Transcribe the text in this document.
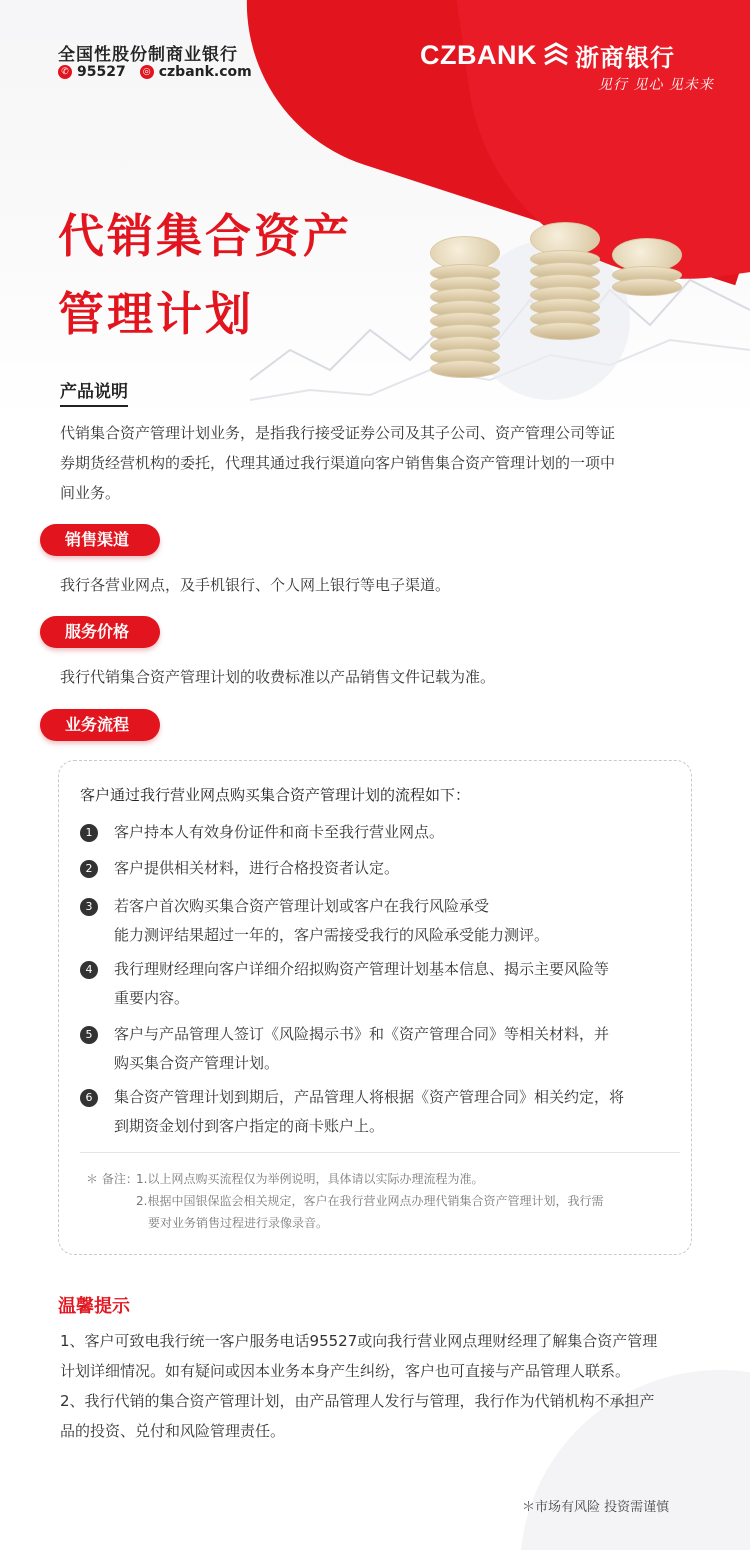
全国性股份制商业银行
✆ 95527	◎ czbank.com
CZBANK 浙商银行
见行 见心 见未来
代销集合资产
管理计划
产品说明
代销集合资产管理计划业务，是指我行接受证券公司及其子公司、资产管理公司等证
券期货经营机构的委托，代理其通过我行渠道向客户销售集合资产管理计划的一项中
间业务。
销售渠道
我行各营业网点，及手机银行、个人网上银行等电子渠道。
服务价格
我行代销集合资产管理计划的收费标准以产品销售文件记载为准。
业务流程
客户通过我行营业网点购买集合资产管理计划的流程如下：
1	客户持本人有效身份证件和商卡至我行营业网点。
2	客户提供相关材料，进行合格投资者认定。
3	若客户首次购买集合资产管理计划或客户在我行风险承受
能力测评结果超过一年的，客户需接受我行的风险承受能力测评。
4	我行理财经理向客户详细介绍拟购资产管理计划基本信息、揭示主要风险等
重要内容。
5	客户与产品管理人签订《风险揭示书》和《资产管理合同》等相关材料，并
购买集合资产管理计划。
6	集合资产管理计划到期后，产品管理人将根据《资产管理合同》相关约定，将
到期资金划付到客户指定的商卡账户上。
＊ 备注：
1.以上网点购买流程仅为举例说明，具体请以实际办理流程为准。
2.根据中国银保监会相关规定，客户在我行营业网点办理代销集合资产管理计划，我行需
要对业务销售过程进行录像录音。
温馨提示
1、客户可致电我行统一客户服务电话95527或向我行营业网点理财经理了解集合资产管理
计划详细情况。如有疑问或因本业务本身产生纠纷，客户也可直接与产品管理人联系。
2、我行代销的集合资产管理计划，由产品管理人发行与管理，我行作为代销机构不承担产
品的投资、兑付和风险管理责任。
＊市场有风险 投资需谨慎
